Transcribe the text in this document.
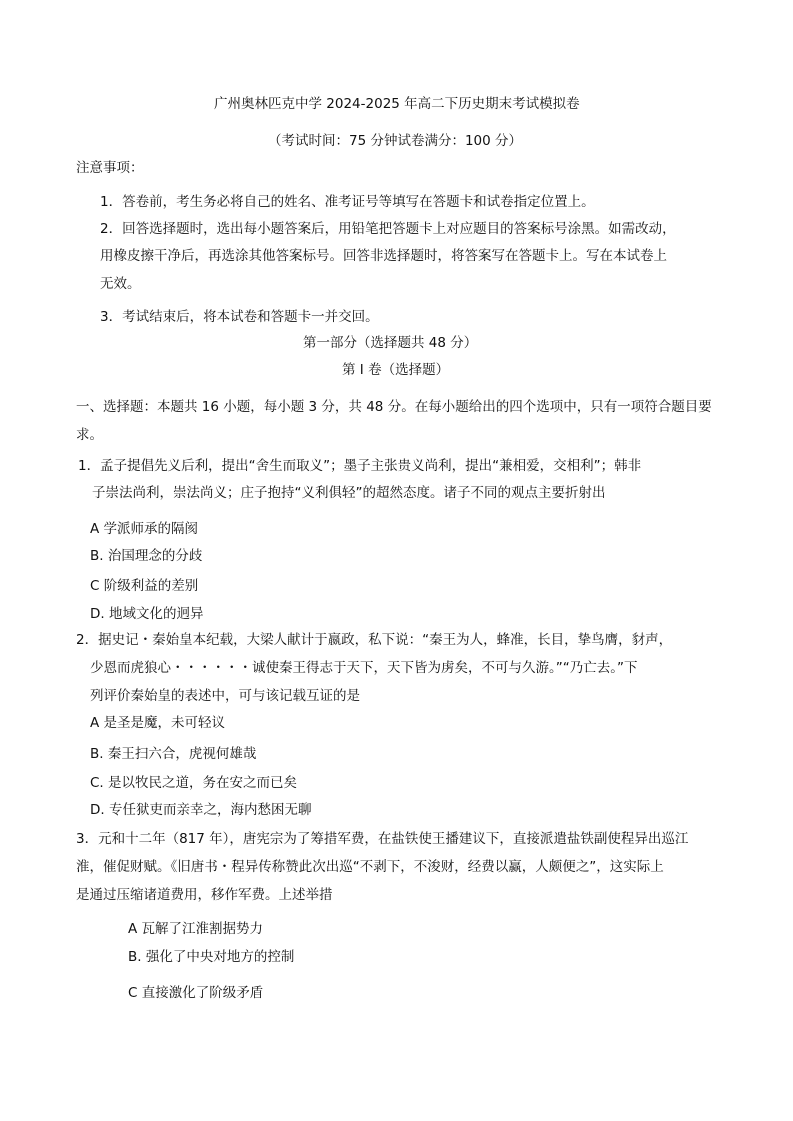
广州奥林匹克中学 2024-2025 年高二下历史期末考试模拟卷
（考试时间：75 分钟试卷满分：100 分）
注意事项：
1．答卷前，考生务必将自己的姓名、准考证号等填写在答题卡和试卷指定位置上。
2．回答选择题时，选出每小题答案后，用铅笔把答题卡上对应题目的答案标号涂黑。如需改动，
用橡皮擦干净后，再选涂其他答案标号。回答非选择题时，将答案写在答题卡上。写在本试卷上
无效。
3．考试结束后，将本试卷和答题卡一并交回。
第一部分（选择题共 48 分）
第 I 卷（选择题）
一、选择题：本题共 16 小题，每小题 3 分，共 48 分。在每小题给出的四个选项中，只有一项符合题目要
求。
1．孟子提倡先义后利，提出“舍生而取义”；墨子主张贵义尚利，提出“兼相爱，交相利”；韩非
子崇法尚利，崇法尚义；庄子抱持“义利俱轻”的超然态度。诸子不同的观点主要折射出
A 学派师承的隔阂
B. 治国理念的分歧
C 阶级利益的差别
D. 地域文化的迥异
2．据史记・秦始皇本纪载，大梁人献计于嬴政，私下说：“秦王为人，蜂准，长目，挚鸟膺，豺声，
少恩而虎狼心・・・・・・诚使秦王得志于天下，天下皆为虏矣，不可与久游。”“乃亡去。”下
列评价秦始皇的表述中，可与该记载互证的是
A 是圣是魔，未可轻议
B. 秦王扫六合，虎视何雄哉
C. 是以牧民之道，务在安之而已矣
D. 专任狱吏而亲幸之，海内愁困无聊
3．元和十二年（817 年），唐宪宗为了筹措军费，在盐铁使王播建议下，直接派遣盐铁副使程异出巡江
淮，催促财赋。《旧唐书・程异传称赞此次出巡“不剥下，不浚财，经费以赢，人颇便之”，这实际上
是通过压缩诸道费用，移作军费。上述举措
A 瓦解了江淮割据势力
B. 强化了中央对地方的控制
C 直接激化了阶级矛盾
